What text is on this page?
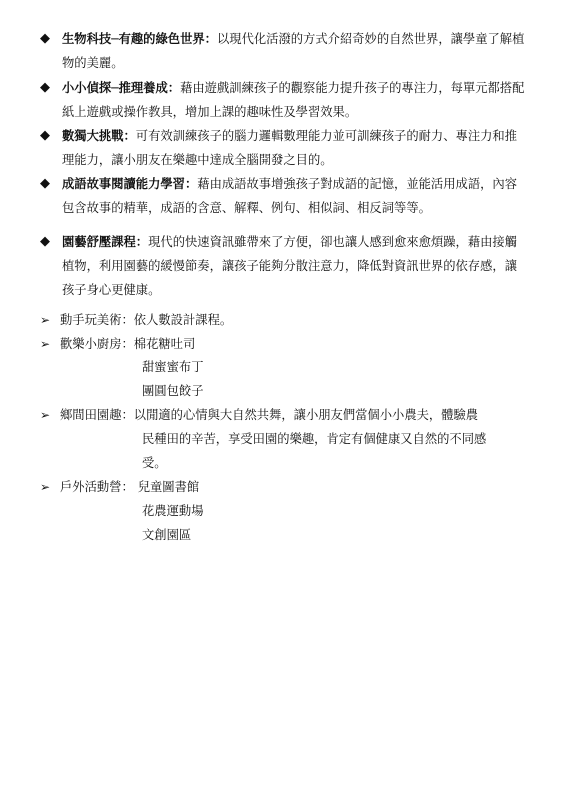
◆ 生物科技─有趣的綠色世界：以現代化活潑的方式介紹奇妙的自然世界，讓學童了解植物的美麗。
◆ 小小偵探─推理養成：藉由遊戲訓練孩子的觀察能力提升孩子的專注力，每單元都搭配紙上遊戲或操作教具，增加上課的趣味性及學習效果。
◆ 數獨大挑戰：可有效訓練孩子的腦力邏輯數理能力並可訓練孩子的耐力、專注力和推理能力，讓小朋友在樂趣中達成全腦開發之目的。
◆ 成語故事閱讀能力學習：藉由成語故事增強孩子對成語的記憶，並能活用成語，內容包含故事的精華，成語的含意、解釋、例句、相似詞、相反詞等等。
◆ 園藝舒壓課程：現代的快速資訊雖帶來了方便，卻也讓人感到愈來愈煩躁，藉由接觸植物，利用園藝的緩慢節奏，讓孩子能夠分散注意力，降低對資訊世界的依存感，讓孩子身心更健康。
➢ 動手玩美術：依人數設計課程。
➢ 歡樂小廚房：棉花糖吐司
甜蜜蜜布丁
團圓包餃子
➢ 鄉間田園趣：以閒適的心情與大自然共舞，讓小朋友們當個小小農夫，體驗農
民種田的辛苦，享受田園的樂趣，肯定有個健康又自然的不同感
受。
➢ 戶外活動營： 兒童圖書館
花農運動場
文創園區
